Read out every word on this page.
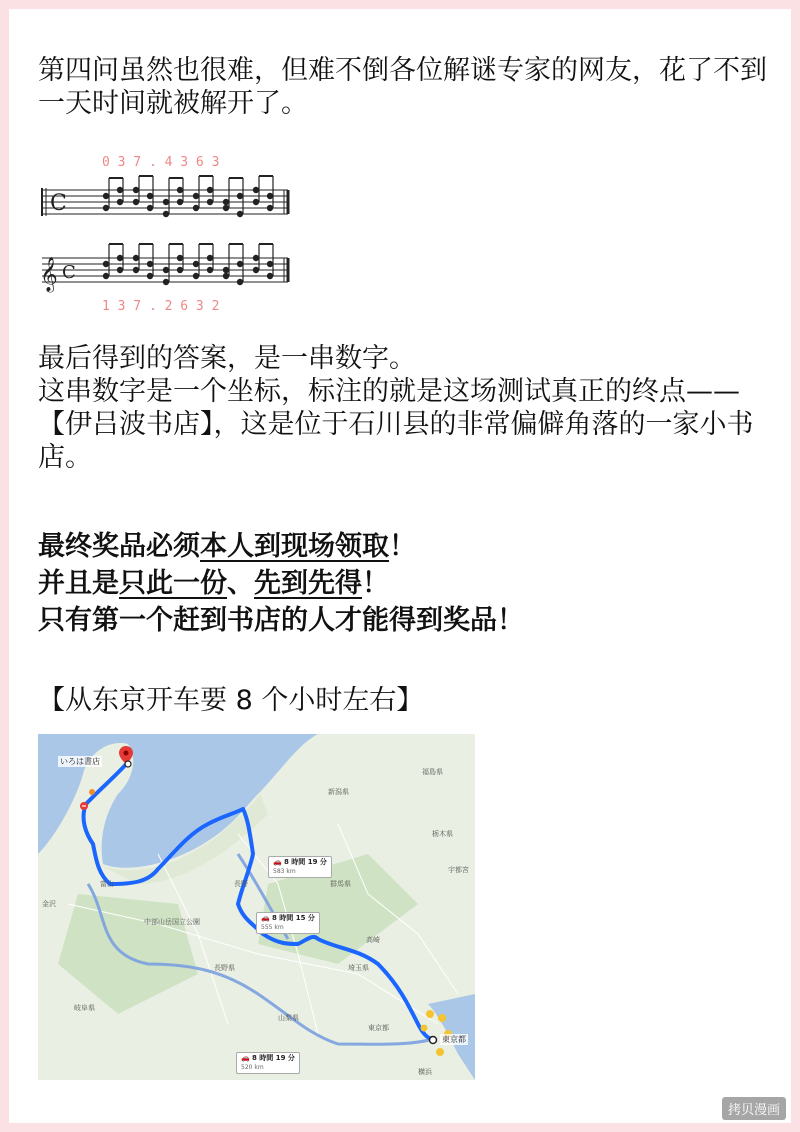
第四问虽然也很难，但难不倒各位解谜专家的网友，花了不到一天时间就被解开了。

0 3 7 . 4 3 6 3
C
𝄞 C
1 3 7 . 2 6 3 2
最后得到的答案，是一串数字。
这串数字是一个坐标，标注的就是这场测试真正的终点——【伊吕波书店】，这是位于石川县的非常偏僻角落的一家小书店。
最终奖品必须本人到现场领取！
并且是只此一份、先到先得！
只有第一个赶到书店的人才能得到奖品！

【从东京开车要 8 个小时左右】

富山	長野
高崎
金沢
横浜
新潟県
群馬県
埼玉県
福島県
栃木県
宇都宮
長野県
岐阜県
東京都
中部山岳国立公園
山梨県
いろは書店
東京都
🚗 8 時間 19 分
583 km
🚗 8 時間 15 分
555 km
🚗 8 時間 19 分
520 km
拷贝漫画
